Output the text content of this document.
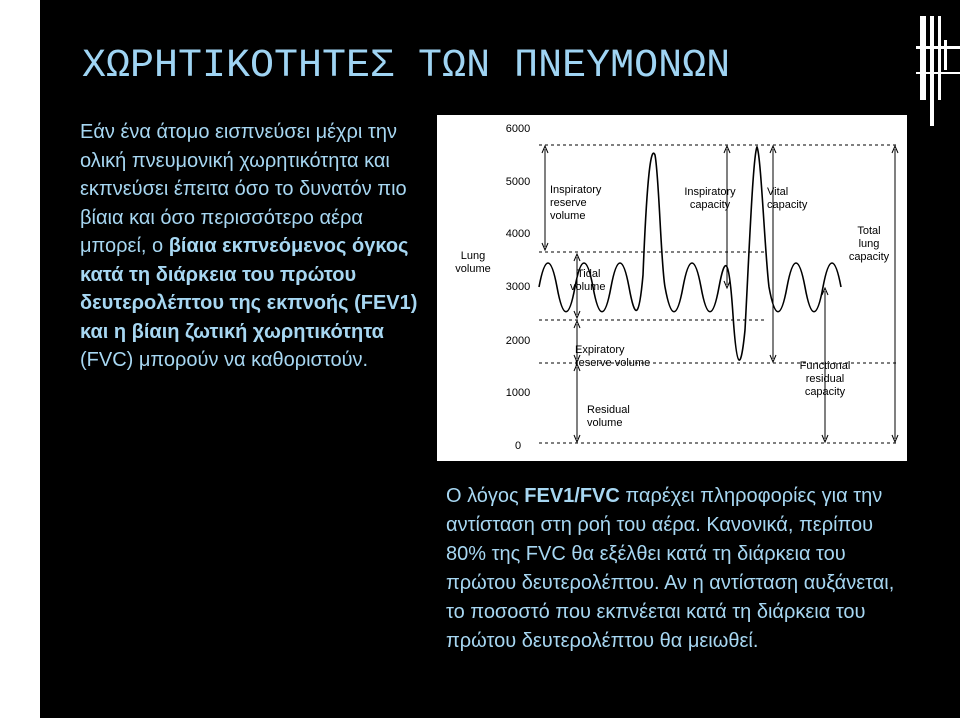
ΧΩΡΗΤΙΚΟΤΗΤΕΣ ΤΩΝ ΠΝΕΥΜΟΝΩΝ
Εάν ένα άτομο εισπνεύσει μέχρι την ολική πνευμονική χωρητικότητα και εκπνεύσει έπειτα όσο το δυνατόν πιο βίαια και όσο περισσότερο αέρα μπορεί, ο βίαια εκπνεόμενος όγκος κατά τη διάρκεια του πρώτου δευτερολέπτου της εκπνοής (FEV1) και η βίαιη ζωτική χωρητικότητα (FVC) μπορούν να καθοριστούν.
Lung
volume
6000
5000
4000
3000
2000
1000
0
Inspiratory
reserve
volume
Tidal
volume
Expiratory
reserve volume
Residual
volume
Inspiratory
capacity
Vital
capacity
Total
lung
capacity
Functional
residual
capacity
Ο λόγος FEV1/FVC παρέχει πληροφορίες για την αντίσταση στη ροή του αέρα. Κανονικά, περίπου 80% της FVC θα εξέλθει κατά τη διάρκεια του πρώτου δευτερολέπτου. Αν η αντίσταση αυξάνεται, το ποσοστό που εκπνέεται κατά τη διάρκεια του πρώτου δευτερολέπτου θα μειωθεί.
